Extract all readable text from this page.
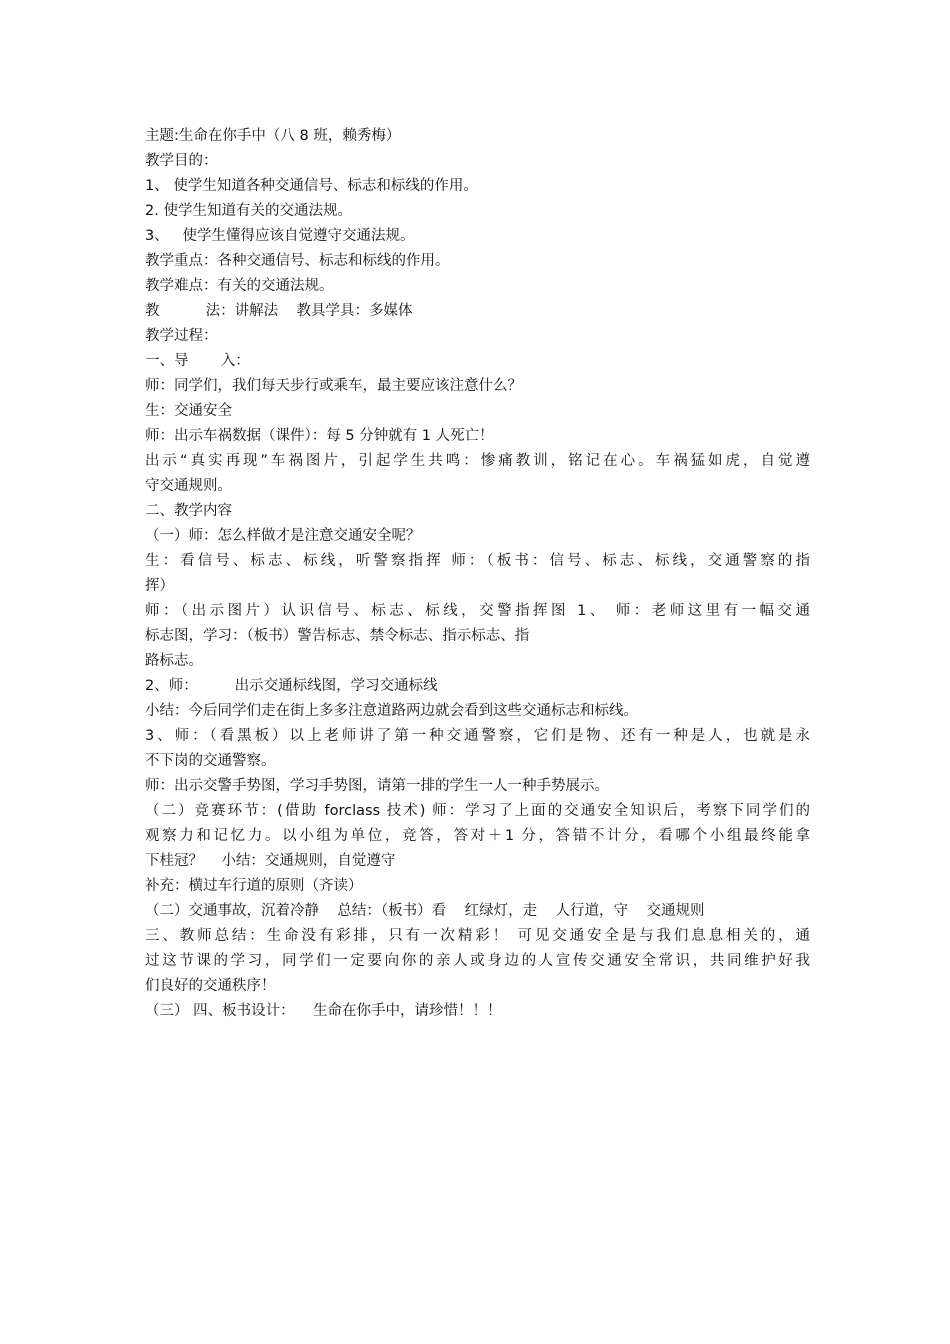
主题:生命在你手中（八 8 班，赖秀梅）
教学目的：
1、 使学生知道各种交通信号、标志和标线的作用。
2. 使学生知道有关的交通法规。
3、   使学生懂得应该自觉遵守交通法规。
教学重点：各种交通信号、标志和标线的作用。
教学难点：有关的交通法规。
教          法：讲解法    教具学具：多媒体
教学过程：
一、导       入：
师：同学们，我们每天步行或乘车，最主要应该注意什么？
生：交通安全
师：出示车祸数据（课件）：每 5 分钟就有 1 人死亡！
出示“真实再现”车祸图片，引起学生共鸣：惨痛教训，铭记在心。车祸猛如虎，自觉遵
守交通规则。
二、教学内容
（一）师：怎么样做才是注意交通安全呢？
生：看信号、标志、标线，听警察指挥 师：（板书：信号、标志、标线，交通警察的指
挥）
师：（出示图片）认识信号、标志、标线，交警指挥图 1、 师：老师这里有一幅交通
标志图，学习：（板书）警告标志、禁令标志、指示标志、指
路标志。
2、师：        出示交通标线图，学习交通标线
小结：今后同学们走在街上多多注意道路两边就会看到这些交通标志和标线。
3、师：（看黑板）以上老师讲了第一种交通警察，它们是物、还有一种是人，也就是永
不下岗的交通警察。
师：出示交警手势图，学习手势图，请第一排的学生一人一种手势展示。
（二）竞赛环节：(借助 forclass 技术) 师：学习了上面的交通安全知识后，考察下同学们的
观察力和记忆力。以小组为单位，竞答，答对＋1 分，答错不计分，看哪个小组最终能拿
下桂冠？    小结：交通规则，自觉遵守
补充：横过车行道的原则（齐读）
（二）交通事故，沉着冷静    总结：（板书）看    红绿灯，走    人行道，守    交通规则
三、教师总结：生命没有彩排，只有一次精彩！ 可见交通安全是与我们息息相关的，通
过这节课的学习，同学们一定要向你的亲人或身边的人宣传交通安全常识，共同维护好我
们良好的交通秩序！
（三） 四、板书设计：    生命在你手中，请珍惜！！！
